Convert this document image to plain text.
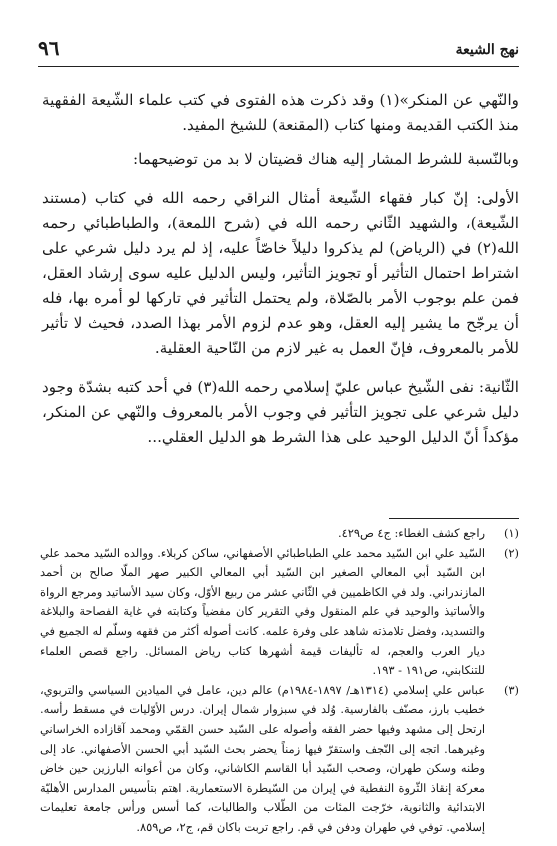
نهج الشيعة
٩٦

والنّهي عن المنكر»(١) وقد ذكرت هذه الفتوى في كتب علماء الشّيعة الفقهية منذ الكتب القديمة ومنها كتاب (المقنعة) للشيخ المفيد.

وبالنّسبة للشرط المشار إليه هناك قضيتان لا بد من توضيحهما:

الأولى: إنّ كبار فقهاء الشّيعة أمثال النراقي رحمه الله في كتاب (مستند الشّيعة)، والشهيد الثّاني رحمه الله في (شرح اللمعة)، والطباطبائي رحمه الله(٢) في (الرياض) لم يذكروا دليلاً خاصّاً عليه، إذ لم يرد دليل شرعي على اشتراط احتمال التأثير أو تجويز التأثير، وليس الدليل عليه سوى إرشاد العقل، فمن علم بوجوب الأمر بالصّلاة، ولم يحتمل التأثير في تاركها لو أمره بها، فله أن يرجّح ما يشير إليه العقل، وهو عدم لزوم الأمر بهذا الصدد، فحيث لا تأثير للأمر بالمعروف، فإنّ العمل به غير لازم من النّاحية العقلية.

الثّانية: نفى الشّيخ عباس عليّ إسلامي رحمه الله(٣) في أحد كتبه بشدّة وجود دليل شرعي على تجويز التأثير في وجوب الأمر بالمعروف والنّهي عن المنكر، مؤكداً أنّ الدليل الوحيد على هذا الشرط هو الدليل العقلي...

(١)
راجع كشف الغطاء: ج٤ ص٤٢٩.
(٢)
السّيد علي ابن السّيد محمد علي الطباطبائي الأصفهاني، ساكن كربلاء. ووالده السّيد محمد علي ابن السّيد أبي المعالي الصغير ابن السّيد أبي المعالي الكبير صهر الملّا صالح بن أحمد المازندراني. ولد في الكاظميين في الثّاني عشر من ربيع الأوّل، وكان سيد الأساتيد ومرجع الرواة والأساتيذ والوحيد في علم المنقول وفي التقرير كان مفضياً وكتابته في غاية الفصاحة والبلاغة والتسديد، وفضل تلامذته شاهد على وفرة علمه. كانت أصوله أكثر من فقهه وسلّم له الجميع في ديار العرب والعجم، له تأليفات قيمة أشهرها كتاب رياض المسائل. راجع قصص العلماء للتنكابني، ص١٩١ - ١٩٣.
(٣)
عباس علي إسلامي (١٣١٤هـ/ ١٨٩٧-١٩٨٤م) عالم دين، عامل في الميادين السياسي والتربوي، خطيب بارز، مصنّف بالفارسية. وُلد في سبزوار شمال إيران. درس الأوّليات في مسقط رأسه. ارتحل إلى مشهد وفيها حضر الفقه وأصوله على السّيد حسن القمّي ومحمد آقازاده الخراساني وغيرهما. اتجه إلى النّجف واستقرّ فيها زمناً يحضر بحث السّيد أبي الحسن الأصفهاني. عاد إلى وطنه وسكن طهران، وصحب السّيد أبا القاسم الكاشاني، وكان من أعوانه البارزين حين خاض معركة إنقاذ الثّروة النفطية في إيران من السّيطرة الاستعمارية. اهتم بتأسيس المدارس الأهليّة الابتدائية والثانوية، خرّجت المئات من الطّلاب والطالبات، كما أسس ورأس جامعة تعليمات إسلامي. توفي في طهران ودفن في قم. راجع تربت باكان قم، ج٢، ص٨٥٩.
